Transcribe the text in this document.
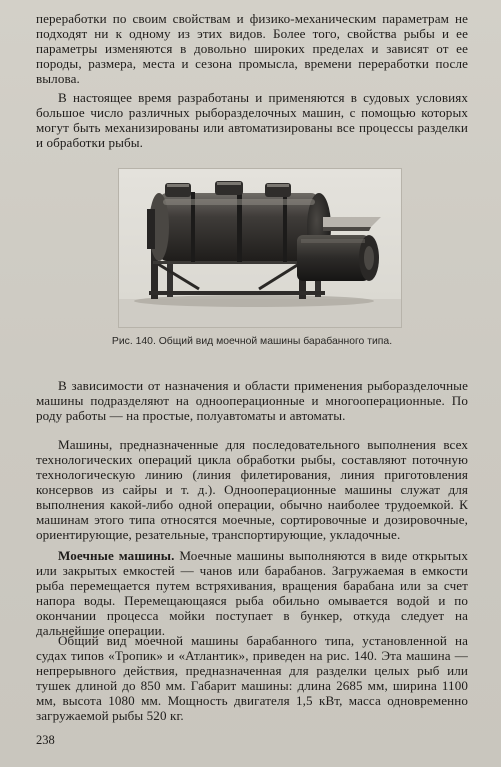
переработки по своим свойствам и физико-механическим параметрам не подходят ни к одному из этих видов. Более того, свойства рыбы и ее параметры изменяются в довольно широких пределах и зависят от ее породы, размера, места и сезона промысла, времени переработки после вылова.

В настоящее время разработаны и применяются в судовых условиях большое число различных рыборазделочных машин, с помощью которых могут быть механизированы или автоматизированы все процессы разделки и обработки рыбы.

Рис. 140. Общий вид моечной машины барабанного типа.

В зависимости от назначения и области применения рыборазделочные машины подразделяют на однооперационные и многооперационные. По роду работы — на простые, полуавтоматы и автоматы.

Машины, предназначенные для последовательного выполнения всех технологических операций цикла обработки рыбы, составляют поточную технологическую линию (линия филетирования, линия приготовления консервов из сайры и т. д.). Однооперационные машины служат для выполнения какой-либо одной операции, обычно наиболее трудоемкой. К машинам этого типа относятся моечные, сортировочные и дозировочные, ориентирующие, резательные, транспортирующие, укладочные.

Моечные машины. Моечные машины выполняются в виде открытых или закрытых емкостей — чанов или барабанов. Загружаемая в емкости рыба перемещается путем встряхивания, вращения барабана или за счет напора воды. Перемещающаяся рыба обильно омывается водой и по окончании процесса мойки поступает в бункер, откуда следует на дальнейшие операции.

Общий вид моечной машины барабанного типа, установленной на судах типов «Тропик» и «Атлантик», приведен на рис. 140. Эта машина — непрерывного действия, предназначенная для разделки целых рыб или тушек длиной до 850 мм. Габарит машины: длина 2685 мм, ширина 1100 мм, высота 1080 мм. Мощность двигателя 1,5 кВт, масса одновременно загружаемой рыбы 520 кг.

238
